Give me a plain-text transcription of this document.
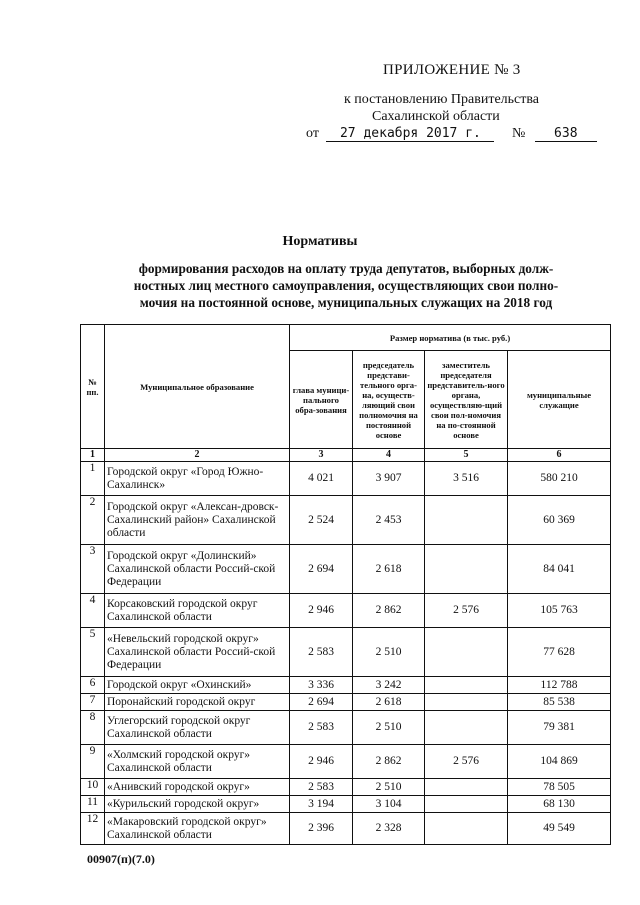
ПРИЛОЖЕНИЕ № 3
к постановлению Правительства
Сахалинской области
от 27 декабря 2017 г. № 638
Нормативы
формирования расходов на оплату труда депутатов, выборных долж-
ностных лиц местного самоуправления, осуществляющих свои полно-
мочия на постоянной основе, муниципальных служащих на 2018 год
№ пп.	Муниципальное образование	Размер норматива (в тыс. руб.)			
		глава муници-пального обра-зования	председатель представи-тельного орга-на, осуществ-ляющий свои полномочия на постоянной основе	заместитель председателя представитель-ного органа, осуществляю-щий свои пол-номочия на по-стоянной основе	муниципальные служащие
1	2	3	4	5	6
1	Городской округ «Город Южно-Сахалинск»	4 021	3 907	3 516	580 210
2	Городской округ «Алексан-дровск-Сахалинский район» Сахалинской области	2 524	2 453		60 369
3	Городской округ «Долинский» Сахалинской области Россий-ской Федерации	2 694	2 618		84 041
4	Корсаковский городской округ Сахалинской области	2 946	2 862	2 576	105 763
5	«Невельский городской округ» Сахалинской области Россий-ской Федерации	2 583	2 510		77 628
6	Городской округ «Охинский»	3 336	3 242		112 788
7	Поронайский городской округ	2 694	2 618		85 538
8	Углегорский городской округ Сахалинской области	2 583	2 510		79 381
9	«Холмский городской округ» Сахалинской области	2 946	2 862	2 576	104 869
10	«Анивский городской округ»	2 583	2 510		78 505
11	«Курильский городской округ»	3 194	3 104		68 130
12	«Макаровский городской округ» Сахалинской области	2 396	2 328		49 549
00907(п)(7.0)
